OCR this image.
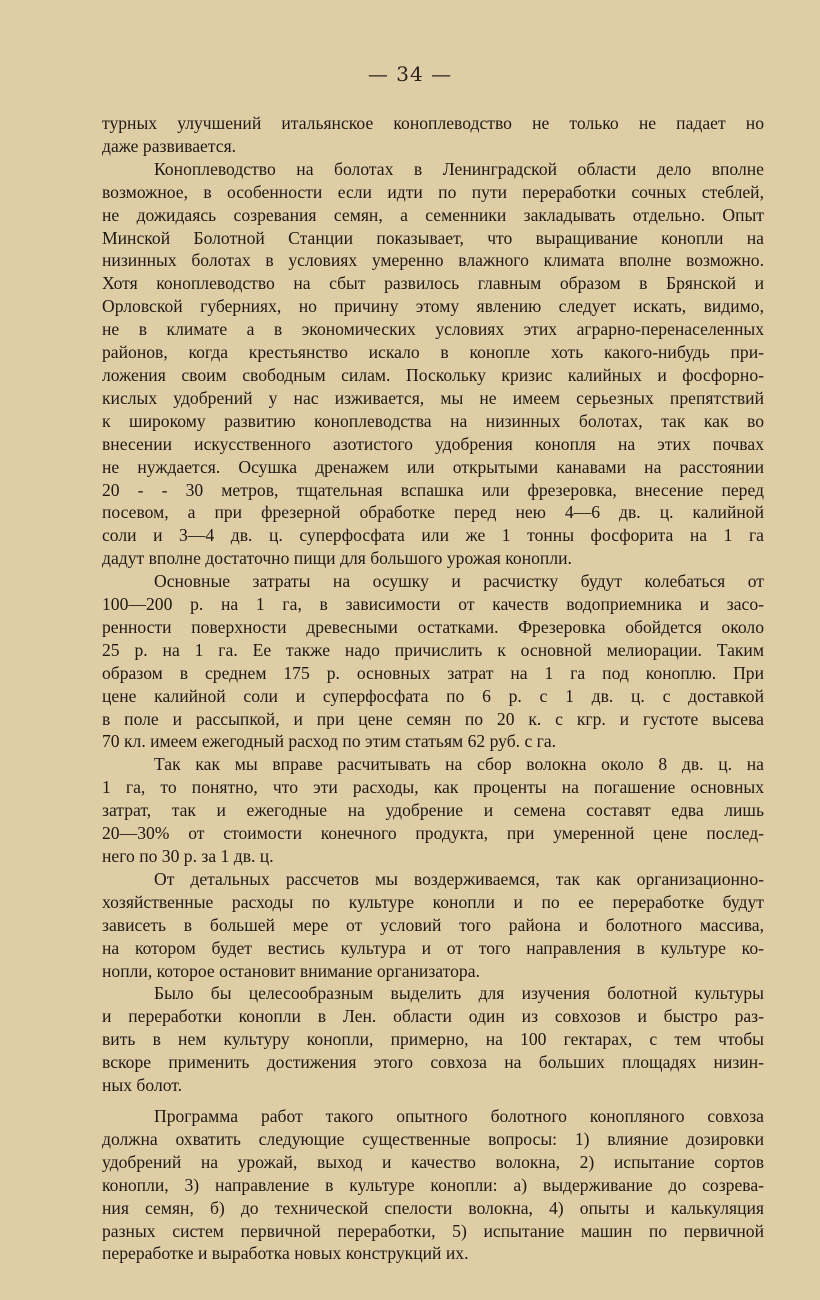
— 34 —
турных улучшений итальянское коноплеводство не только не падает но
даже развивается.
Коноплеводство на болотах в Ленинградской области дело вполне
возможное, в особенности если идти по пути переработки сочных стеблей,
не дожидаясь созревания семян, а семенники закладывать отдельно. Опыт
Минской Болотной Станции показывает, что выращивание конопли на
низинных болотах в условиях умеренно влажного климата вполне возможно.
Хотя коноплеводство на сбыт развилось главным образом в Брянской и
Орловской губерниях, но причину этому явлению следует искать, видимо,
не в климате а в экономических условиях этих аграрно-перенаселенных
районов, когда крестьянство искало в конопле хоть какого-нибудь при-
ложения своим свободным силам. Поскольку кризис калийных и фосфорно-
кислых удобрений у нас изживается, мы не имеем серьезных препятствий
к широкому развитию коноплеводства на низинных болотах, так как во
внесении искусственного азотистого удобрения конопля на этих почвах
не нуждается. Осушка дренажем или открытыми канавами на расстоянии
20 - - 30 метров, тщательная вспашка или фрезеровка, внесение перед
посевом, а при фрезерной обработке перед нею 4—6 дв. ц. калийной
соли и 3—4 дв. ц. суперфосфата или же 1 тонны фосфорита на 1 га
дадут вполне достаточно пищи для большого урожая конопли.
Основные затраты на осушку и расчистку будут колебаться от
100—200 р. на 1 га, в зависимости от качеств водоприемника и засо-
ренности поверхности древесными остатками. Фрезеровка обойдется около
25 р. на 1 га. Ее также надо причислить к основной мелиорации. Таким
образом в среднем 175 р. основных затрат на 1 га под коноплю. При
цене калийной соли и суперфосфата по 6 р. с 1 дв. ц. с доставкой
в поле и рассыпкой, и при цене семян по 20 к. с кгр. и густоте высева
70 кл. имеем ежегодный расход по этим статьям 62 руб. с га.
Так как мы вправе расчитывать на сбор волокна около 8 дв. ц. на
1 га, то понятно, что эти расходы, как проценты на погашение основных
затрат, так и ежегодные на удобрение и семена составят едва лишь
20—30% от стоимости конечного продукта, при умеренной цене послед-
него по 30 р. за 1 дв. ц.
От детальных рассчетов мы воздерживаемся, так как организационно-
хозяйственные расходы по культуре конопли и по ее переработке будут
зависеть в большей мере от условий того района и болотного массива,
на котором будет вестись культура и от того направления в культуре ко-
нопли, которое остановит внимание организатора.
Было бы целесообразным выделить для изучения болотной культуры
и переработки конопли в Лен. области один из совхозов и быстро раз-
вить в нем культуру конопли, примерно, на 100 гектарах, с тем чтобы
вскоре применить достижения этого совхоза на больших площадях низин-
ных болот.
Программа работ такого опытного болотного конопляного совхоза
должна охватить следующие существенные вопросы: 1) влияние дозировки
удобрений на урожай, выход и качество волокна, 2) испытание сортов
конопли, 3) направление в культуре конопли: а) выдерживание до созрева-
ния семян, б) до технической спелости волокна, 4) опыты и калькуляция
разных систем первичной переработки, 5) испытание машин по первичной
переработке и выработка новых конструкций их.
